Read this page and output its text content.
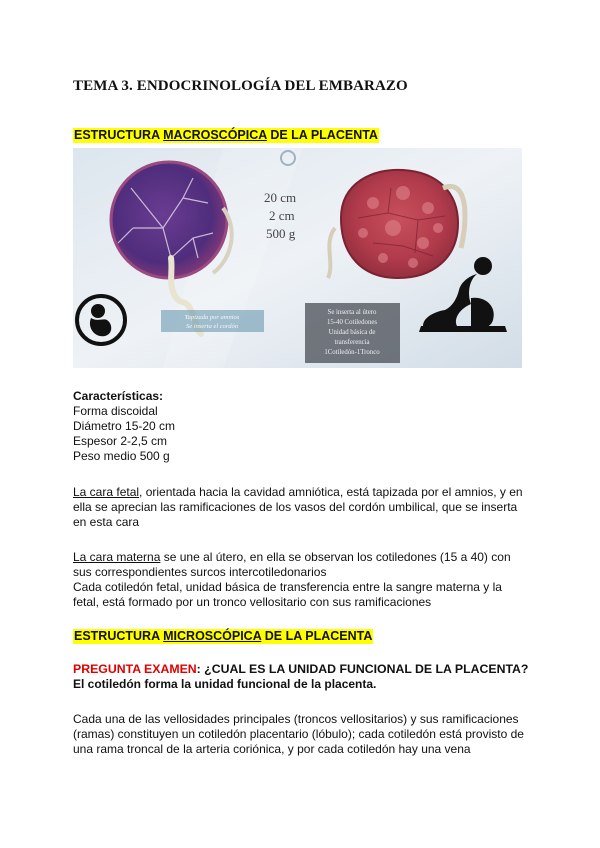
TEMA 3. ENDOCRINOLOGÍA DEL EMBARAZO
ESTRUCTURA MACROSCÓPICA DE LA PLACENTA
20 cm
2 cm
500 g
Tapizada por amnios
Se inserta el cordón
Se inserta al útero
15-40 Cotiledones
Unidad básica de
transferencia
1Cotiledón-1Tronco
Características:
Forma discoidal
Diámetro 15-20 cm
Espesor 2-2,5 cm
Peso medio 500 g
La cara fetal, orientada hacia la cavidad amniótica, está tapizada por el amnios, y en
ella se aprecian las ramificaciones de los vasos del cordón umbilical, que se inserta
en esta cara
La cara materna se une al útero, en ella se observan los cotiledones (15 a 40) con
sus correspondientes surcos intercotiledonarios
Cada cotiledón fetal, unidad básica de transferencia entre la sangre materna y la
fetal, está formado por un tronco vellositario con sus ramificaciones
ESTRUCTURA MICROSCÓPICA DE LA PLACENTA
PREGUNTA EXAMEN: ¿CUAL ES LA UNIDAD FUNCIONAL DE LA PLACENTA?
El cotiledón forma la unidad funcional de la placenta.
Cada una de las vellosidades principales (troncos vellositarios) y sus ramificaciones
(ramas) constituyen un cotiledón placentario (lóbulo); cada cotiledón está provisto de
una rama troncal de la arteria coriónica, y por cada cotiledón hay una vena
